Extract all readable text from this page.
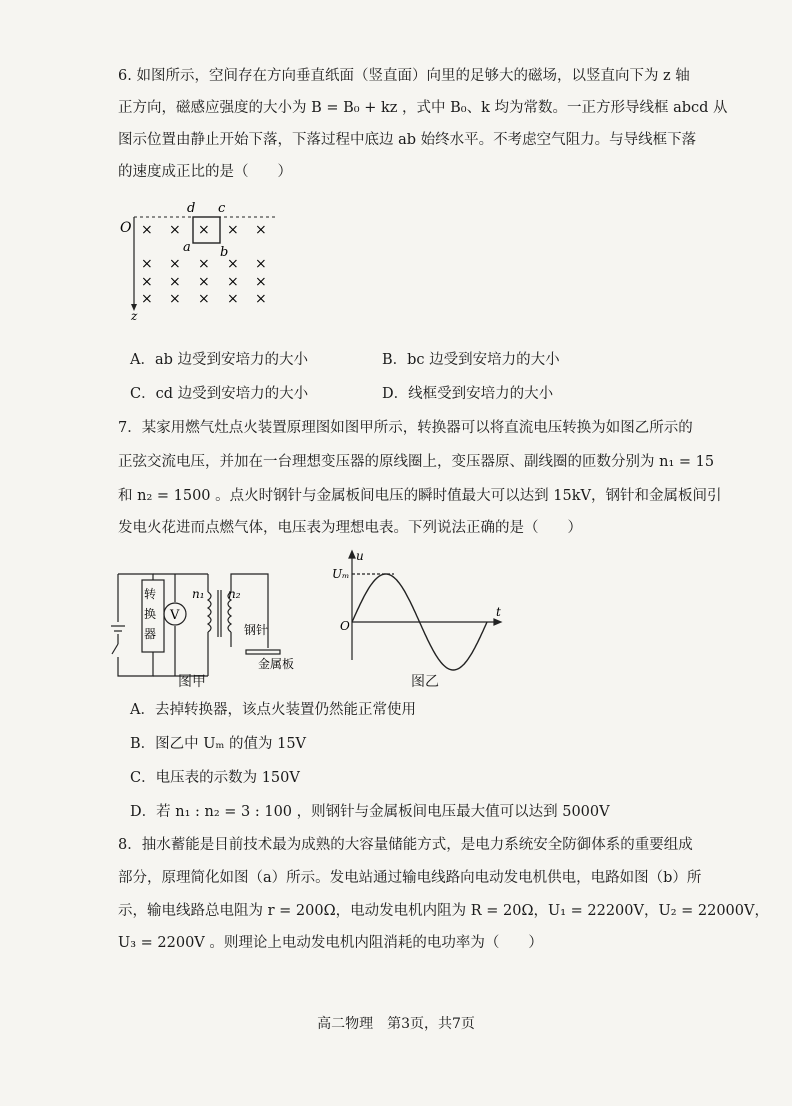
6. 如图所示，空间存在方向垂直纸面（竖直面）向里的足够大的磁场，以竖直向下为 z 轴
正方向，磁感应强度的大小为 B = B₀ + kz ，式中 B₀、k 均为常数。一正方形导线框 abcd 从
图示位置由静止开始下落，下落过程中底边 ab 始终水平。不考虑空气阻力。与导线框下落
的速度成正比的是（　　）
O
z
d c
a b
× × × × ×
× × × × ×
× × × × ×
× × × × ×
A．ab 边受到安培力的大小	B．bc 边受到安培力的大小
C．cd 边受到安培力的大小	D．线框受到安培力的大小
7．某家用燃气灶点火装置原理图如图甲所示，转换器可以将直流电压转换为如图乙所示的
正弦交流电压，并加在一台理想变压器的原线圈上，变压器原、副线圈的匝数分别为 n₁ = 15
和 n₂ = 1500 。点火时钢针与金属板间电压的瞬时值最大可以达到 15kV，钢针和金属板间引
发电火花进而点燃气体，电压表为理想电表。下列说法正确的是（　　）
转
换
器
V
n₁ n₂
钢针
金属板
图甲
u
Uₘ
O
t
图乙
A．去掉转换器，该点火装置仍然能正常使用
B．图乙中 Uₘ 的值为 15V
C．电压表的示数为 150V
D．若 n₁ : n₂ = 3 : 100 ，则钢针与金属板间电压最大值可以达到 5000V
8．抽水蓄能是目前技术最为成熟的大容量储能方式，是电力系统安全防御体系的重要组成
部分，原理简化如图（a）所示。发电站通过输电线路向电动发电机供电，电路如图（b）所
示，输电线路总电阻为 r = 200Ω，电动发电机内阻为 R = 20Ω，U₁ = 22200V，U₂ = 22000V，
U₃ = 2200V 。则理论上电动发电机内阻消耗的电功率为（　　）
高二物理　第3页，共7页
